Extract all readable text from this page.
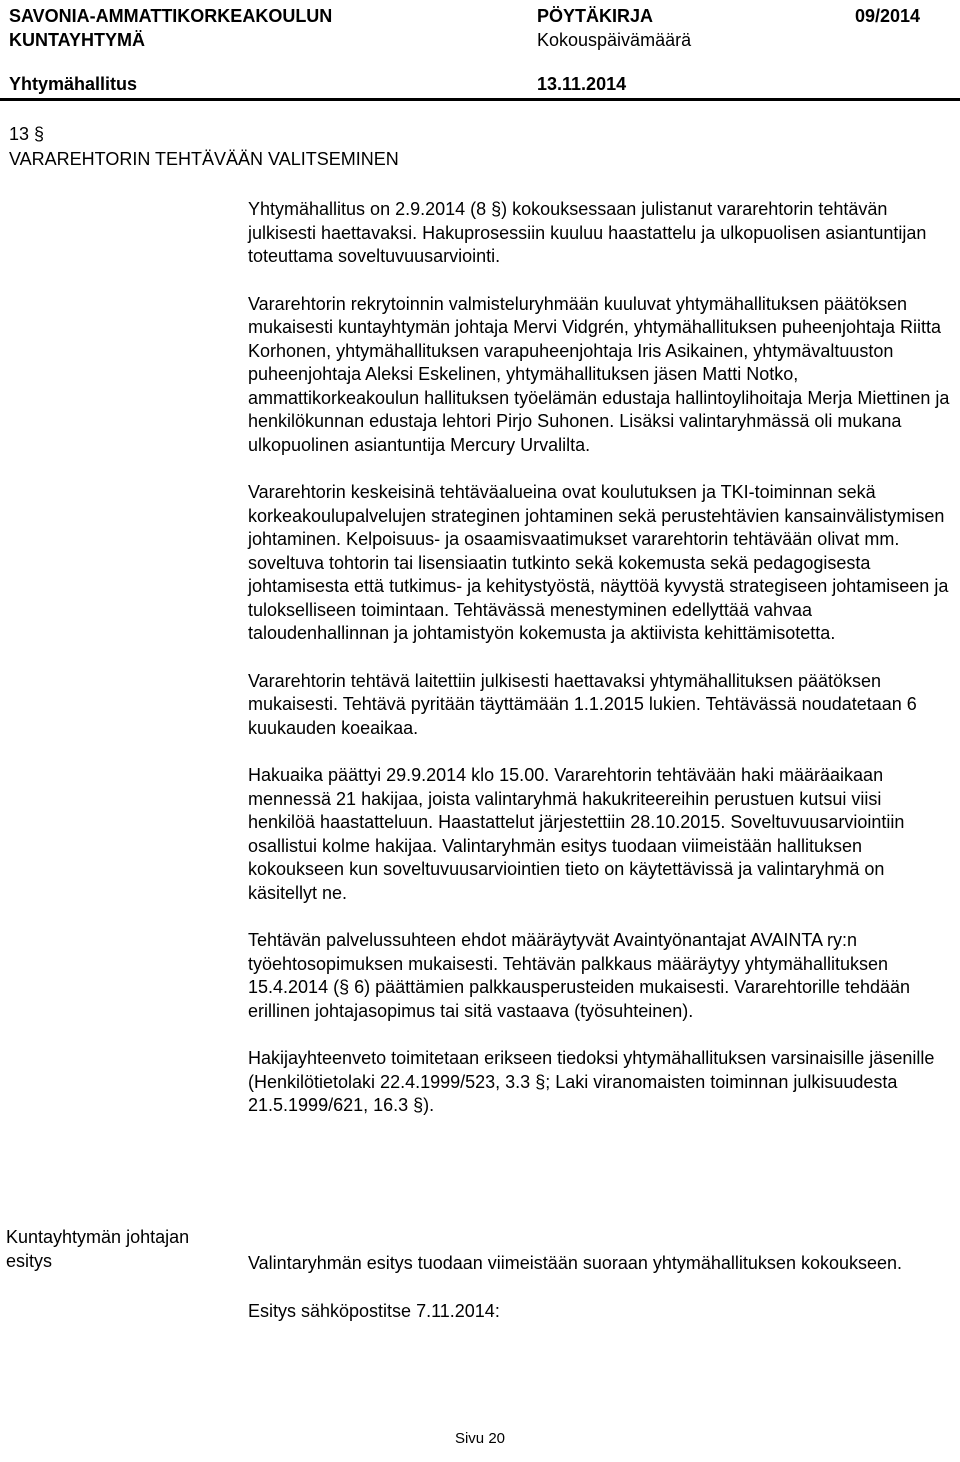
SAVONIA-AMMATTIKORKEAKOULUN
KUNTAYHTYMÄ
PÖYTÄKIRJA	09/2014
Kokouspäivämäärä
Yhtymähallitus	13.11.2014
13 §
VARAREHTORIN TEHTÄVÄÄN VALITSEMINEN

Yhtymähallitus on 2.9.2014 (8 §) kokouksessaan julistanut vararehtorin tehtävän julkisesti haettavaksi. Hakuprosessiin kuuluu haastattelu ja ulkopuolisen asiantuntijan toteuttama soveltuvuusarviointi.

Vararehtorin rekrytoinnin valmisteluryhmään kuuluvat yhtymähallituksen päätöksen mukaisesti kuntayhtymän johtaja Mervi Vidgrén, yhtymähallituksen puheenjohtaja Riitta Korhonen, yhtymähallituksen varapuheenjohtaja Iris Asikainen, yhtymävaltuuston puheenjohtaja Aleksi Eskelinen, yhtymähallituksen jäsen Matti Notko, ammattikorkeakoulun hallituksen työelämän edustaja hallintoylihoitaja Merja Miettinen ja henkilökunnan edustaja lehtori Pirjo Suhonen. Lisäksi valintaryhmässä oli mukana ulkopuolinen asiantuntija Mercury Urvalilta.

Vararehtorin keskeisinä tehtäväalueina ovat koulutuksen ja TKI-toiminnan sekä korkeakoulupalvelujen strateginen johtaminen sekä perustehtävien kansainvälistymisen johtaminen. Kelpoisuus- ja osaamisvaatimukset vararehtorin tehtävään olivat mm. soveltuva tohtorin tai lisensiaatin tutkinto sekä kokemusta sekä pedagogisesta johtamisesta että tutkimus- ja kehitystyöstä, näyttöä kyvystä strategiseen johtamiseen ja tulokselliseen toimintaan. Tehtävässä menestyminen edellyttää vahvaa taloudenhallinnan ja johtamistyön kokemusta ja aktiivista kehittämisotetta.

Vararehtorin tehtävä laitettiin julkisesti haettavaksi yhtymähallituksen päätöksen mukaisesti. Tehtävä pyritään täyttämään 1.1.2015 lukien. Tehtävässä noudatetaan 6 kuukauden koeaikaa.

Hakuaika päättyi 29.9.2014 klo 15.00. Vararehtorin tehtävään haki määräaikaan mennessä 21 hakijaa, joista valintaryhmä hakukriteereihin perustuen kutsui viisi henkilöä haastatteluun. Haastattelut järjestettiin 28.10.2015. Soveltuvuusarviointiin osallistui kolme hakijaa. Valintaryhmän esitys tuodaan viimeistään hallituksen kokoukseen kun soveltuvuusarviointien tieto on käytettävissä ja valintaryhmä on käsitellyt ne.

Tehtävän palvelussuhteen ehdot määräytyvät Avaintyönantajat AVAINTA ry:n työehtosopimuksen mukaisesti. Tehtävän palkkaus määräytyy yhtymähallituksen 15.4.2014 (§ 6) päättämien palkkausperusteiden mukaisesti. Vararehtorille tehdään erillinen johtajasopimus tai sitä vastaava (työsuhteinen).

Hakijayhteenveto toimitetaan erikseen tiedoksi yhtymähallituksen varsinaisille jäsenille (Henkilötietolaki 22.4.1999/523, 3.3 §; Laki viranomaisten toiminnan julkisuudesta 21.5.1999/621, 16.3 §).

Kuntayhtymän johtajan esitys	Valintaryhmän esitys tuodaan viimeistään suoraan yhtymähallituksen kokoukseen.

Esitys sähköpostitse 7.11.2014:

Sivu 20
